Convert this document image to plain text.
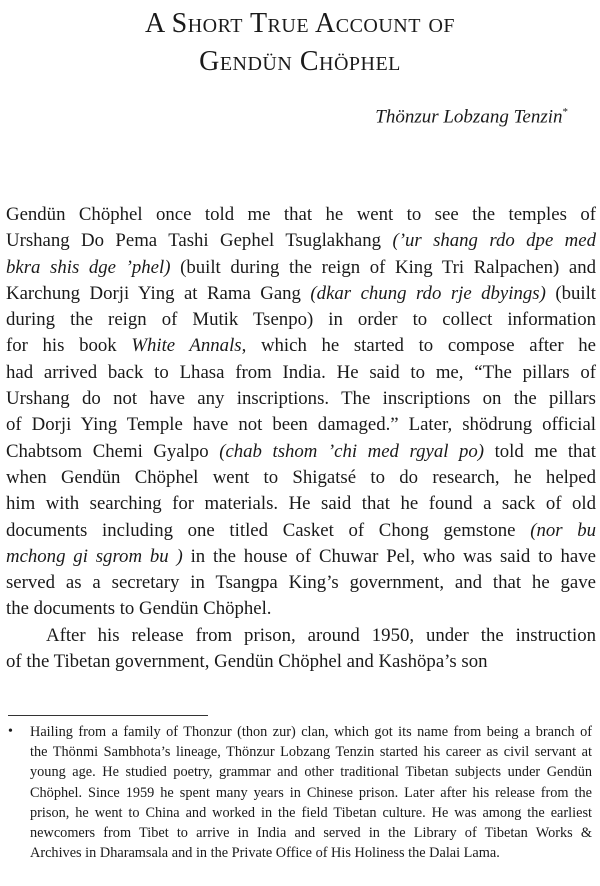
A Short True Account of
Gendün Chöphel
Thönzur Lobzang Tenzin*
Gendün Chöphel once told me that he went to see the temples of
Urshang Do Pema Tashi Gephel Tsuglakhang (’ur shang rdo dpe med
bkra shis dge ’phel) (built during the reign of King Tri Ralpachen) and
Karchung Dorji Ying at Rama Gang (dkar chung rdo rje dbyings) (built
during the reign of Mutik Tsenpo) in order to collect information
for his book White Annals, which he started to compose after he
had arrived back to Lhasa from India. He said to me, “The pillars of
Urshang do not have any inscriptions. The inscriptions on the pillars
of Dorji Ying Temple have not been damaged.” Later, shödrung official
Chabtsom Chemi Gyalpo (chab tshom ’chi med rgyal po) told me that
when Gendün Chöphel went to Shigatsé to do research, he helped
him with searching for materials. He said that he found a sack of old
documents including one titled Casket of Chong gemstone (nor bu
mchong gi sgrom bu ) in the house of Chuwar Pel, who was said to have
served as a secretary in Tsangpa King’s government, and that he gave
the documents to Gendün Chöphel.
After his release from prison, around 1950, under the instruction
of the Tibetan government, Gendün Chöphel and Kashöpa’s son
•	Hailing from a family of Thonzur (thon zur) clan, which got its name from being a branch of
the Thönmi Sambhota’s lineage, Thönzur Lobzang Tenzin started his career as civil servant at
young age. He studied poetry, grammar and other traditional Tibetan subjects under Gendün
Chöphel. Since 1959 he spent many years in Chinese prison. Later after his release from the
prison, he went to China and worked in the field Tibetan culture. He was among the earliest
newcomers from Tibet to arrive in India and served in the Library of Tibetan Works &
Archives in Dharamsala and in the Private Office of His Holiness the Dalai Lama.
